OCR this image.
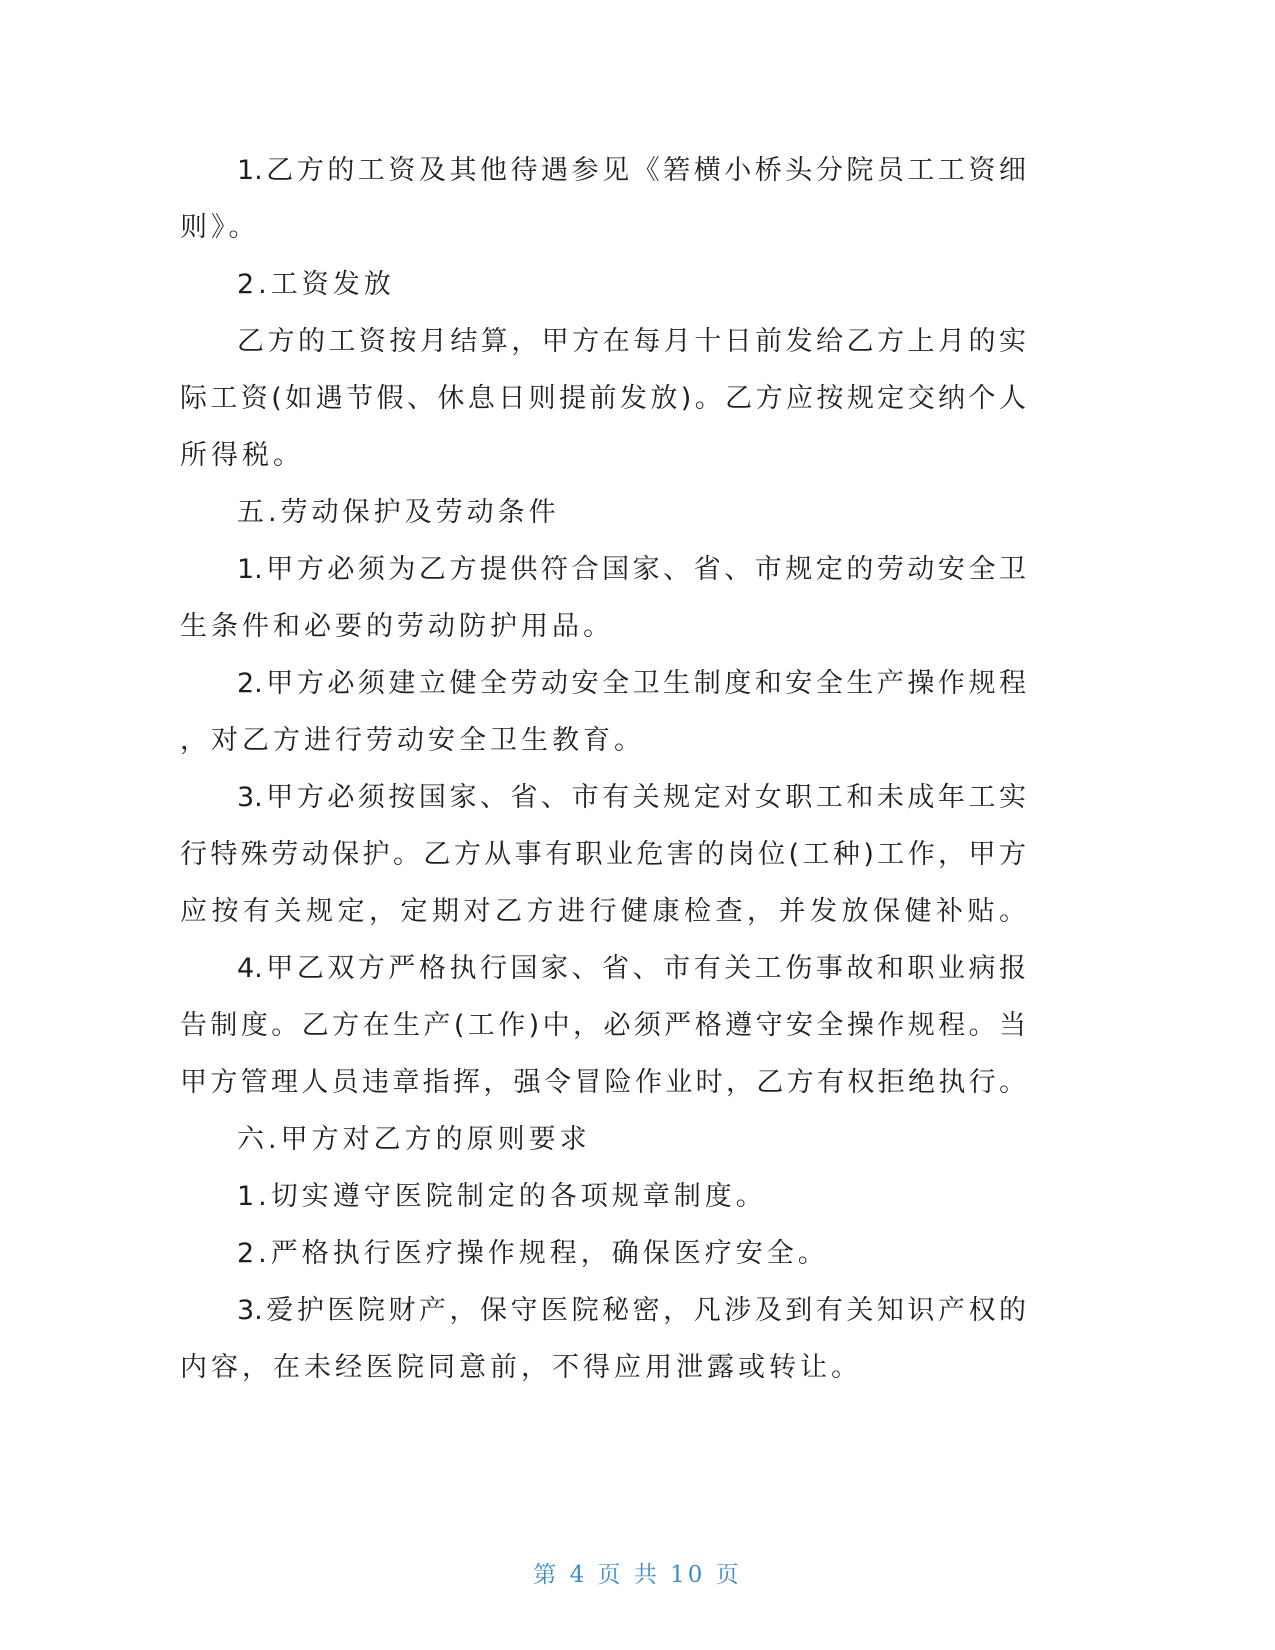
1.乙方的工资及其他待遇参见《箬横小桥头分院员工工资细
则》。
2.工资发放
乙方的工资按月结算，甲方在每月十日前发给乙方上月的实
际工资(如遇节假、休息日则提前发放)。乙方应按规定交纳个人
所得税。
五.劳动保护及劳动条件
1.甲方必须为乙方提供符合国家、省、市规定的劳动安全卫
生条件和必要的劳动防护用品。
2.甲方必须建立健全劳动安全卫生制度和安全生产操作规程
，对乙方进行劳动安全卫生教育。
3.甲方必须按国家、省、市有关规定对女职工和未成年工实
行特殊劳动保护。乙方从事有职业危害的岗位(工种)工作，甲方
应按有关规定，定期对乙方进行健康检查，并发放保健补贴。
4.甲乙双方严格执行国家、省、市有关工伤事故和职业病报
告制度。乙方在生产(工作)中，必须严格遵守安全操作规程。当
甲方管理人员违章指挥，强令冒险作业时，乙方有权拒绝执行。
六.甲方对乙方的原则要求
1.切实遵守医院制定的各项规章制度。
2.严格执行医疗操作规程，确保医疗安全。
3.爱护医院财产，保守医院秘密，凡涉及到有关知识产权的
内容，在未经医院同意前，不得应用泄露或转让。
第 4 页 共 10 页
